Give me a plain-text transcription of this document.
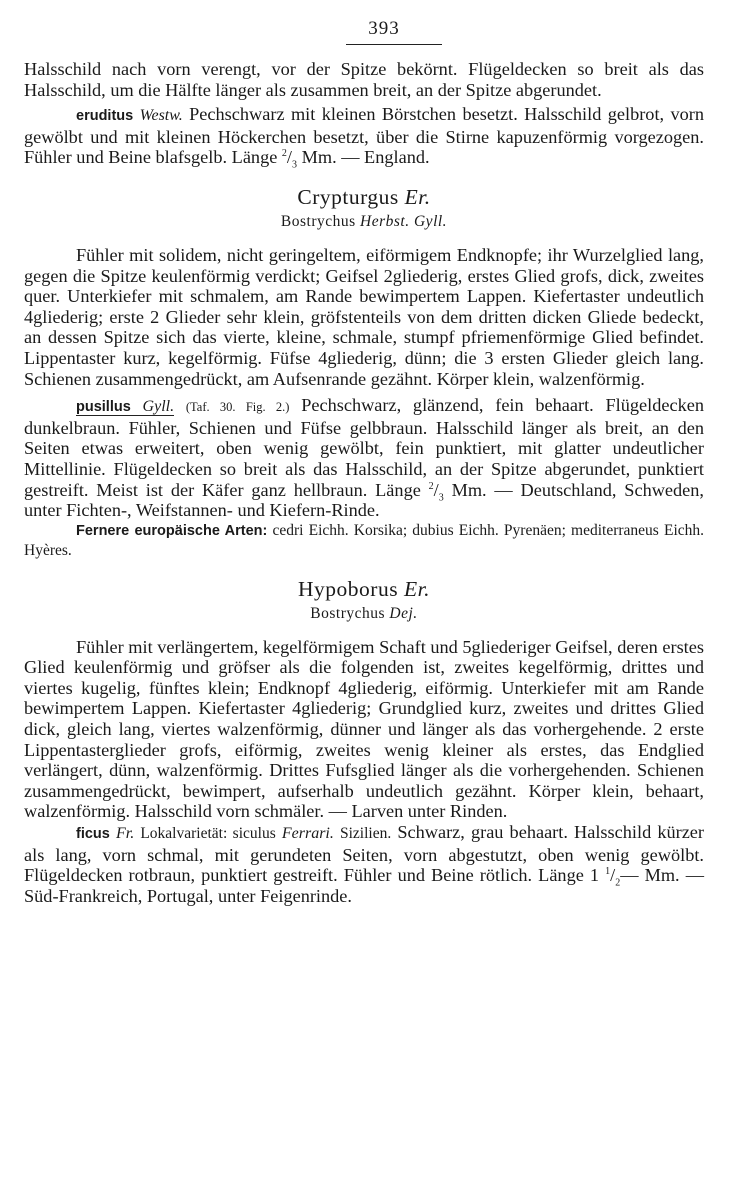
393

Halsschild nach vorn verengt, vor der Spitze bekörnt. Flügeldecken so breit als das Halsschild, um die Hälfte länger als zusammen breit, an der Spitze abgerundet.

eruditus Westw. Pechschwarz mit kleinen Börstchen besetzt. Halsschild gelbrot, vorn gewölbt und mit kleinen Höckerchen besetzt, über die Stirne kapuzenförmig vorgezogen. Fühler und Beine blafsgelb. Länge $^2/_3$ Mm. — England.

Crypturgus Er.
Bostrychus Herbst. Gyll.

Fühler mit solidem, nicht geringeltem, eiförmigem Endknopfe; ihr Wurzelglied lang, gegen die Spitze keulenförmig verdickt; Geifsel 2gliederig, erstes Glied grofs, dick, zweites quer. Unterkiefer mit schmalem, am Rande bewimpertem Lappen. Kiefertaster undeutlich 4gliederig; erste 2 Glieder sehr klein, gröfstenteils von dem dritten dicken Gliede bedeckt, an dessen Spitze sich das vierte, kleine, schmale, stumpf pfriemenförmige Glied befindet. Lippentaster kurz, kegelförmig. Füfse 4gliederig, dünn; die 3 ersten Glieder gleich lang. Schienen zusammengedrückt, am Aufsenrande gezähnt. Körper klein, walzenförmig.

pusillus Gyll. (Taf. 30. Fig. 2.) Pechschwarz, glänzend, fein behaart. Flügeldecken dunkelbraun. Fühler, Schienen und Füfse gelbbraun. Halsschild länger als breit, an den Seiten etwas erweitert, oben wenig gewölbt, fein punktiert, mit glatter undeutlicher Mittellinie. Flügeldecken so breit als das Halsschild, an der Spitze abgerundet, punktiert gestreift. Meist ist der Käfer ganz hellbraun. Länge $^2/_3$ Mm. — Deutschland, Schweden, unter Fichten-, Weifstannen- und Kiefern-Rinde.

Fernere europäische Arten: cedri Eichh. Korsika; dubius Eichh. Pyrenäen; mediterraneus Eichh. Hyères.

Hypoborus Er.
Bostrychus Dej.

Fühler mit verlängertem, kegelförmigem Schaft und 5gliederiger Geifsel, deren erstes Glied keulenförmig und gröfser als die folgenden ist, zweites kegelförmig, drittes und viertes kugelig, fünftes klein; Endknopf 4gliederig, eiförmig. Unterkiefer mit am Rande bewimpertem Lappen. Kiefertaster 4gliederig; Grundglied kurz, zweites und drittes Glied dick, gleich lang, viertes walzenförmig, dünner und länger als das vorhergehende. 2 erste Lippentasterglieder grofs, eiförmig, zweites wenig kleiner als erstes, das Endglied verlängert, dünn, walzenförmig. Drittes Fufsglied länger als die vorhergehenden. Schienen zusammengedrückt, bewimpert, aufserhalb undeutlich gezähnt. Körper klein, behaart, walzenförmig. Halsschild vorn schmäler. — Larven unter Rinden.

ficus Fr. Lokalvarietät: siculus Ferrari. Sizilien. Schwarz, grau behaart. Halsschild kürzer als lang, vorn schmal, mit gerundeten Seiten, vorn abgestutzt, oben wenig gewölbt. Flügeldecken rotbraun, punktiert gestreift. Fühler und Beine rötlich. Länge 1 $^1/_2—$ Mm. — Süd-Frankreich, Portugal, unter Feigenrinde.
